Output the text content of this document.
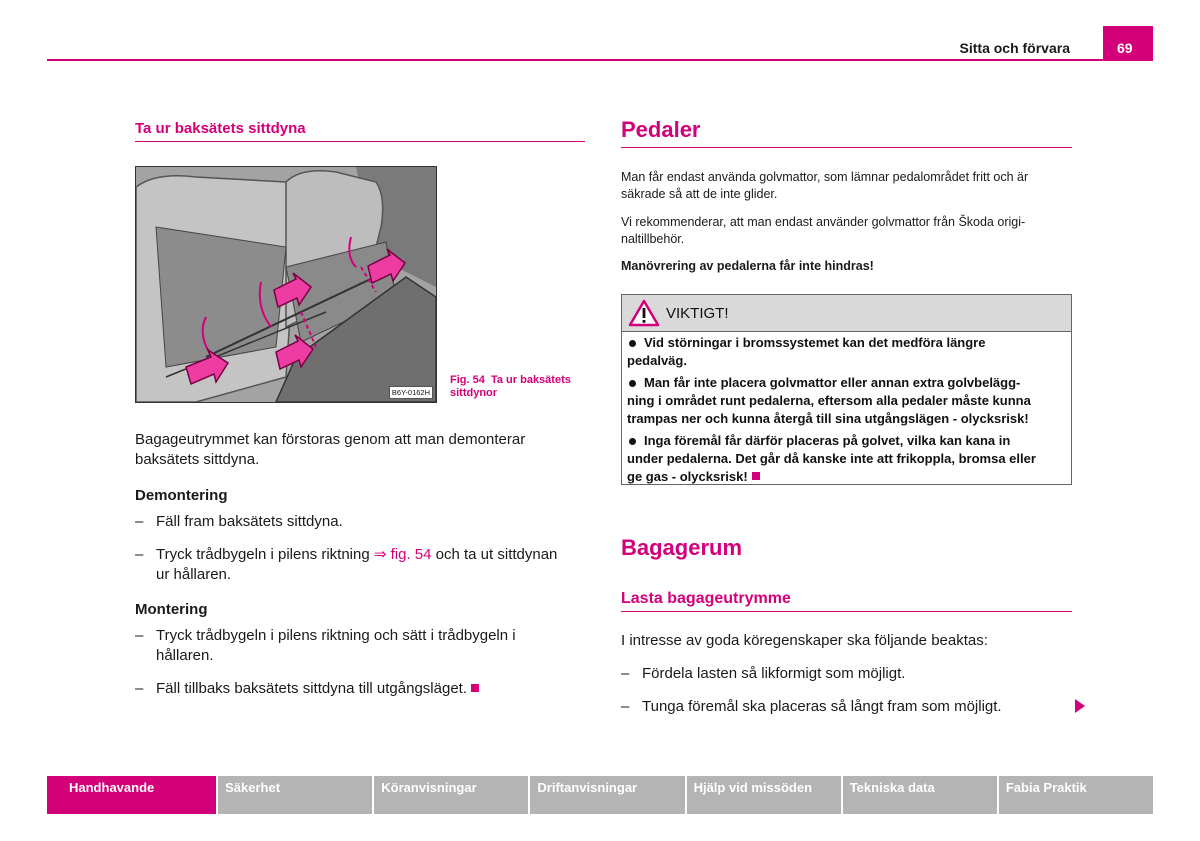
Sitta och förvara	69
Ta ur baksätets sittdyna
B6Y-0162H
Fig. 54 Ta ur baksätets sittdynor
Bagageutrymmet kan förstoras genom att man demonterar
baksätets sittdyna.
Demontering
– Fäll fram baksätets sittdyna.
– Tryck trådbygeln i pilens riktning ⇒ fig. 54 och ta ut sittdynan
ur hållaren.
Montering
– Tryck trådbygeln i pilens riktning och sätt i trådbygeln i
hållaren.
– Fäll tillbaks baksätets sittdyna till utgångsläget.
Pedaler
Man får endast använda golvmattor, som lämnar pedalområdet fritt och är
säkrade så att de inte glider.
Vi rekommenderar, att man endast använder golvmattor från Škoda origi-
naltillbehör.
Manövrering av pedalerna får inte hindras!
VIKTIGT!
Vid störningar i bromssystemet kan det medföra längre
pedalväg.
Man får inte placera golvmattor eller annan extra golvbelägg-
ning i området runt pedalerna, eftersom alla pedaler måste kunna
trampas ner och kunna återgå till sina utgångslägen - olycksrisk!
Inga föremål får därför placeras på golvet, vilka kan kana in
under pedalerna. Det går då kanske inte att frikoppla, bromsa eller
ge gas - olycksrisk!
Bagagerum
Lasta bagageutrymme
I intresse av goda köregenskaper ska följande beaktas:
– Fördela lasten så likformigt som möjligt.
– Tunga föremål ska placeras så långt fram som möjligt.
Handhavande	Säkerhet	Köranvisningar	Driftanvisningar	Hjälp vid missöden	Tekniska data	Fabia Praktik
